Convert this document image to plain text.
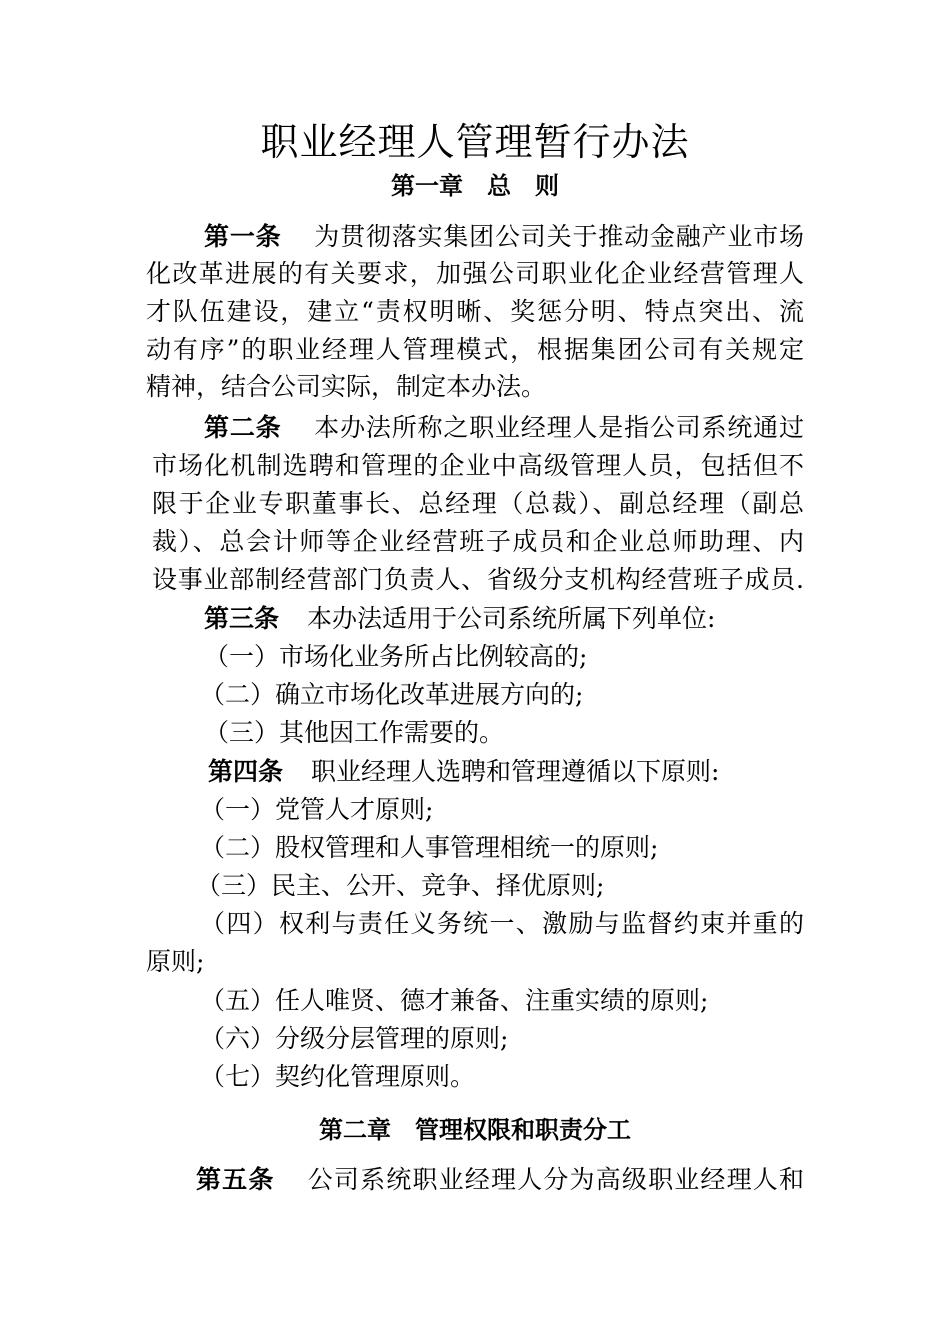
职业经理人管理暂行办法
第一章　总　则
第一条 为贯彻落实集团公司关于推动金融产业市场
化改革进展的有关要求，加强公司职业化企业经营管理人
才队伍建设，建立“责权明晰、奖惩分明、特点突出、流
动有序”的职业经理人管理模式，根据集团公司有关规定
精神，结合公司实际，制定本办法。
第二条 本办法所称之职业经理人是指公司系统通过
市场化机制选聘和管理的企业中高级管理人员，包括但不
限于企业专职董事长、总经理（总裁）、副总经理（副总
裁）、总会计师等企业经营班子成员和企业总师助理、内
设事业部制经营部门负责人、省级分支机构经营班子成员.
第三条 本办法适用于公司系统所属下列单位:
（一）市场化业务所占比例较高的;
（二）确立市场化改革进展方向的;
（三）其他因工作需要的。
第四条 职业经理人选聘和管理遵循以下原则:
（一）党管人才原则;
（二）股权管理和人事管理相统一的原则;
（三）民主、公开、竞争、择优原则;
（四）权利与责任义务统一、激励与监督约束并重的
原则;
（五）任人唯贤、德才兼备、注重实绩的原则;
（六）分级分层管理的原则;
（七）契约化管理原则。
第二章　管理权限和职责分工
第五条 公司系统职业经理人分为高级职业经理人和
